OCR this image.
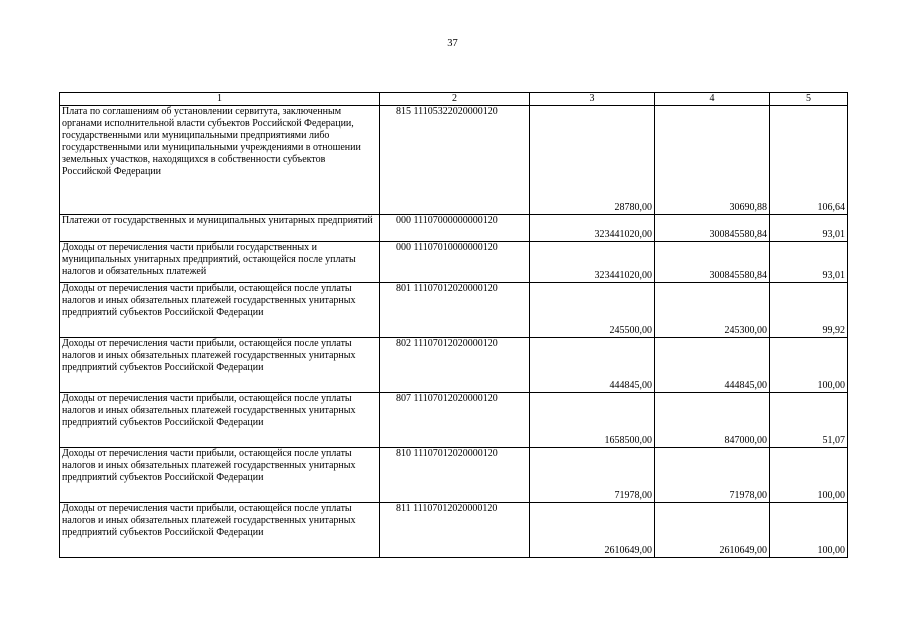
37
1	2	3	4	5
Плата по соглашениям об установлении сервитута, заключенным органами исполнительной власти субъектов Российской Федерации, государственными или муниципальными предприятиями либо государственными или муниципальными учреждениями в отношении земельных участков, находящихся в собственности субъектов Российской Федерации	815 11105322020000120	28780,00	30690,88	106,64
Платежи от государственных и муниципальных унитарных предприятий	000 11107000000000120	323441020,00	300845580,84	93,01
Доходы от перечисления части прибыли государственных и муниципальных унитарных предприятий, остающейся после уплаты налогов и обязательных платежей	000 11107010000000120	323441020,00	300845580,84	93,01
Доходы от перечисления части прибыли, остающейся после уплаты налогов и иных обязательных платежей государственных унитарных предприятий субъектов Российской Федерации	801 11107012020000120	245500,00	245300,00	99,92
Доходы от перечисления части прибыли, остающейся после уплаты налогов и иных обязательных платежей государственных унитарных предприятий субъектов Российской Федерации	802 11107012020000120	444845,00	444845,00	100,00
Доходы от перечисления части прибыли, остающейся после уплаты налогов и иных обязательных платежей государственных унитарных предприятий субъектов Российской Федерации	807 11107012020000120	1658500,00	847000,00	51,07
Доходы от перечисления части прибыли, остающейся после уплаты налогов и иных обязательных платежей государственных унитарных предприятий субъектов Российской Федерации	810 11107012020000120	71978,00	71978,00	100,00
Доходы от перечисления части прибыли, остающейся после уплаты налогов и иных обязательных платежей государственных унитарных предприятий субъектов Российской Федерации	811 11107012020000120	2610649,00	2610649,00	100,00
